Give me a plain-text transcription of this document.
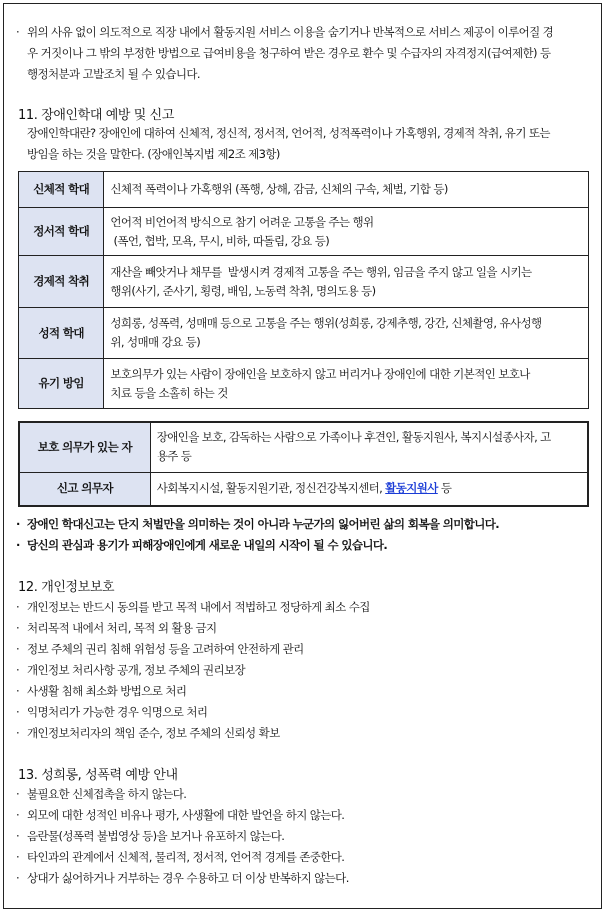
· 위의 사유 없이 의도적으로 직장 내에서 활동지원 서비스 이용을 숨기거나 반복적으로 서비스 제공이 이루어질 경
우 거짓이나 그 밖의 부정한 방법으로 급여비용을 청구하여 받은 경우로 환수 및 수급자의 자격정지(급여제한) 등
행정처분과 고발조치 될 수 있습니다.
11. 장애인학대 예방 및 신고
장애인학대란? 장애인에 대하여 신체적, 정신적, 정서적, 언어적, 성적폭력이나 가혹행위, 경제적 착취, 유기 또는
방임을 하는 것을 말한다. (장애인복지법 제2조 제3항)
신체적 학대	신체적 폭력이나 가혹행위 (폭행, 상해, 감금, 신체의 구속, 체벌, 기합 등)

정서적 학대	언어적 비언어적 방식으로 참기 어려운 고통을 주는 행위
(폭언, 협박, 모욕, 무시, 비하, 따돌림, 강요 등)

경제적 착취	재산을 빼앗거나 채무를  발생시켜 경제적 고통을 주는 행위, 임금을 주지 않고 일을 시키는
행위(사기, 준사기, 횡령, 배임, 노동력 착취, 명의도용 등)

성적 학대	성희롱, 성폭력, 성매매 등으로 고통을 주는 행위(성희롱, 강제추행, 강간, 신체촬영, 유사성행
위, 성매매 강요 등)

유기 방임	보호의무가 있는 사람이 장애인을 보호하지 않고 버리거나 장애인에 대한 기본적인 보호나
치료 등을 소홀히 하는 것
보호 의무가 있는 자	장애인을 보호, 감독하는 사람으로 가족이나 후견인, 활동지원사, 복지시설종사자, 고
용주 등

신고 의무자	사회복지시설, 활동지원기관, 정신건강복지센터, 활동지원사 등
· 장애인 학대신고는 단지 처벌만을 의미하는 것이 아니라 누군가의 잃어버린 삶의 회복을 의미합니다.
· 당신의 관심과 용기가 피해장애인에게 새로운 내일의 시작이 될 수 있습니다.
12. 개인정보보호
· 개인정보는 반드시 동의를 받고 목적 내에서 적법하고 정당하게 최소 수집
· 처리목적 내에서 처리, 목적 외 활용 금지
· 정보 주체의 권리 침해 위험성 등을 고려하여 안전하게 관리
· 개인정보 처리사항 공개, 정보 주체의 권리보장
· 사생활 침해 최소화 방법으로 처리
· 익명처리가 가능한 경우 익명으로 처리
· 개인정보처리자의 책임 준수, 정보 주체의 신뢰성 확보
13. 성희롱, 성폭력 예방 안내
· 불필요한 신체접촉을 하지 않는다.
· 외모에 대한 성적인 비유나 평가, 사생활에 대한 발언을 하지 않는다.
· 음란물(성폭력 불법영상 등)을 보거나 유포하지 않는다.
· 타인과의 관계에서 신체적, 물리적, 정서적, 언어적 경계를 존중한다.
· 상대가 싫어하거나 거부하는 경우 수용하고 더 이상 반복하지 않는다.
